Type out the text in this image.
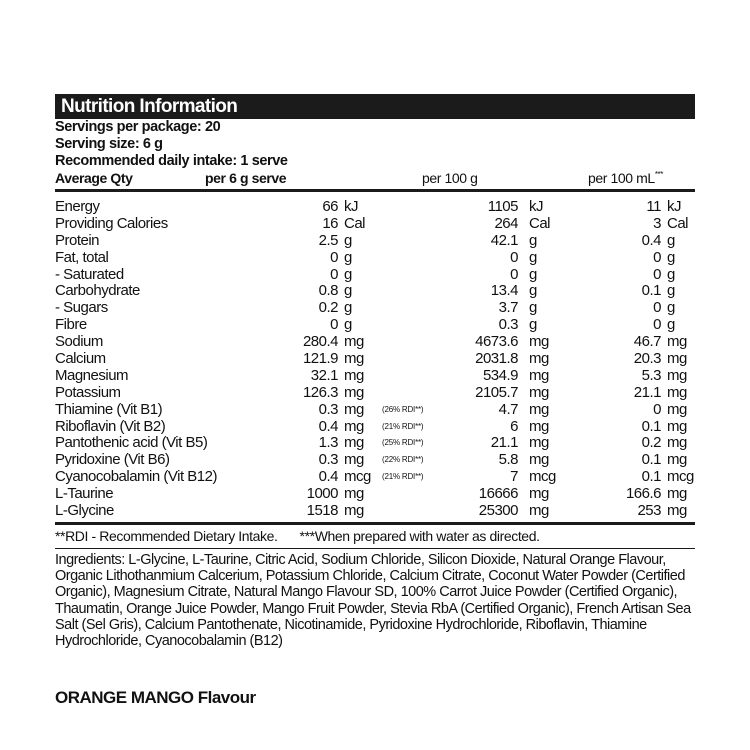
Nutrition Information
Servings per package: 20
Serving size: 6 g
Recommended daily intake: 1 serve
Average Qty	per 6 g serve	per 100 g	per 100 mL***
Energy	66 kJ	1105 kJ	11 kJ
Providing Calories	16 Cal	264 Cal	3 Cal
Protein	2.5 g	42.1 g	0.4 g
Fat, total	0 g	0 g	0 g
- Saturated	0 g	0 g	0 g
Carbohydrate	0.8 g	13.4 g	0.1 g
- Sugars	0.2 g	3.7 g	0 g
Fibre	0 g	0.3 g	0 g
Sodium	280.4 mg	4673.6 mg	46.7 mg
Calcium	121.9 mg	2031.8 mg	20.3 mg
Magnesium	32.1 mg	534.9 mg	5.3 mg
Potassium	126.3 mg	2105.7 mg	21.1 mg
Thiamine (Vit B1)	0.3 mg (26% RDI**)	4.7 mg	0 mg
Riboflavin (Vit B2)	0.4 mg (21% RDI**)	6 mg	0.1 mg
Pantothenic acid (Vit B5)	1.3 mg (25% RDI**)	21.1 mg	0.2 mg
Pyridoxine (Vit B6)	0.3 mg (22% RDI**)	5.8 mg	0.1 mg
Cyanocobalamin (Vit B12)	0.4 mcg (21% RDI**)	7 mcg	0.1 mcg
L-Taurine	1000 mg	16666 mg	166.6 mg
L-Glycine	1518 mg	25300 mg	253 mg
**RDI - Recommended Dietary Intake. ***When prepared with water as directed.
Ingredients: L-Glycine, L-Taurine, Citric Acid, Sodium Chloride, Silicon Dioxide, Natural Orange Flavour, Organic Lithothanmium Calcerium, Potassium Chloride, Calcium Citrate, Coconut Water Powder (Certified Organic), Magnesium Citrate, Natural Mango Flavour SD, 100% Carrot Juice Powder (Certified Organic), Thaumatin, Orange Juice Powder, Mango Fruit Powder, Stevia RbA (Certified Organic), French Artisan Sea Salt (Sel Gris), Calcium Pantothenate, Nicotinamide, Pyridoxine Hydrochloride, Riboflavin, Thiamine Hydrochloride, Cyanocobalamin (B12)
ORANGE MANGO Flavour
